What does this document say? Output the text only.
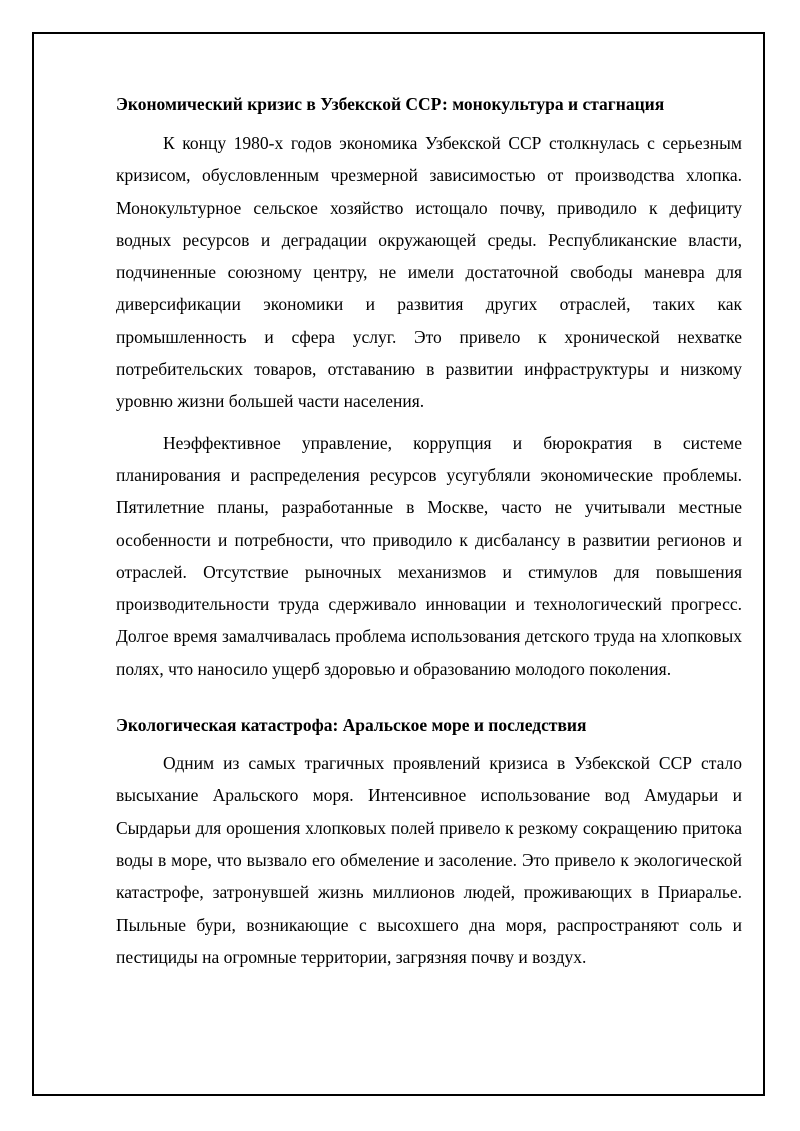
Экономический кризис в Узбекской ССР: монокультура и стагнация

К концу 1980-х годов экономика Узбекской ССР столкнулась с серьезным кризисом, обусловленным чрезмерной зависимостью от производства хлопка. Монокультурное сельское хозяйство истощало почву, приводило к дефициту водных ресурсов и деградации окружающей среды. Республиканские власти, подчиненные союзному центру, не имели достаточной свободы маневра для диверсификации экономики и развития других отраслей, таких как промышленность и сфера услуг. Это привело к хронической нехватке потребительских товаров, отставанию в развитии инфраструктуры и низкому уровню жизни большей части населения.

Неэффективное управление, коррупция и бюрократия в системе планирования и распределения ресурсов усугубляли экономические проблемы. Пятилетние планы, разработанные в Москве, часто не учитывали местные особенности и потребности, что приводило к дисбалансу в развитии регионов и отраслей. Отсутствие рыночных механизмов и стимулов для повышения производительности труда сдерживало инновации и технологический прогресс. Долгое время замалчивалась проблема использования детского труда на хлопковых полях, что наносило ущерб здоровью и образованию молодого поколения.

Экологическая катастрофа: Аральское море и последствия

Одним из самых трагичных проявлений кризиса в Узбекской ССР стало высыхание Аральского моря. Интенсивное использование вод Амударьи и Сырдарьи для орошения хлопковых полей привело к резкому сокращению притока воды в море, что вызвало его обмеление и засоление. Это привело к экологической катастрофе, затронувшей жизнь миллионов людей, проживающих в Приаралье. Пыльные бури, возникающие с высохшего дна моря, распространяют соль и пестициды на огромные территории, загрязняя почву и воздух.
